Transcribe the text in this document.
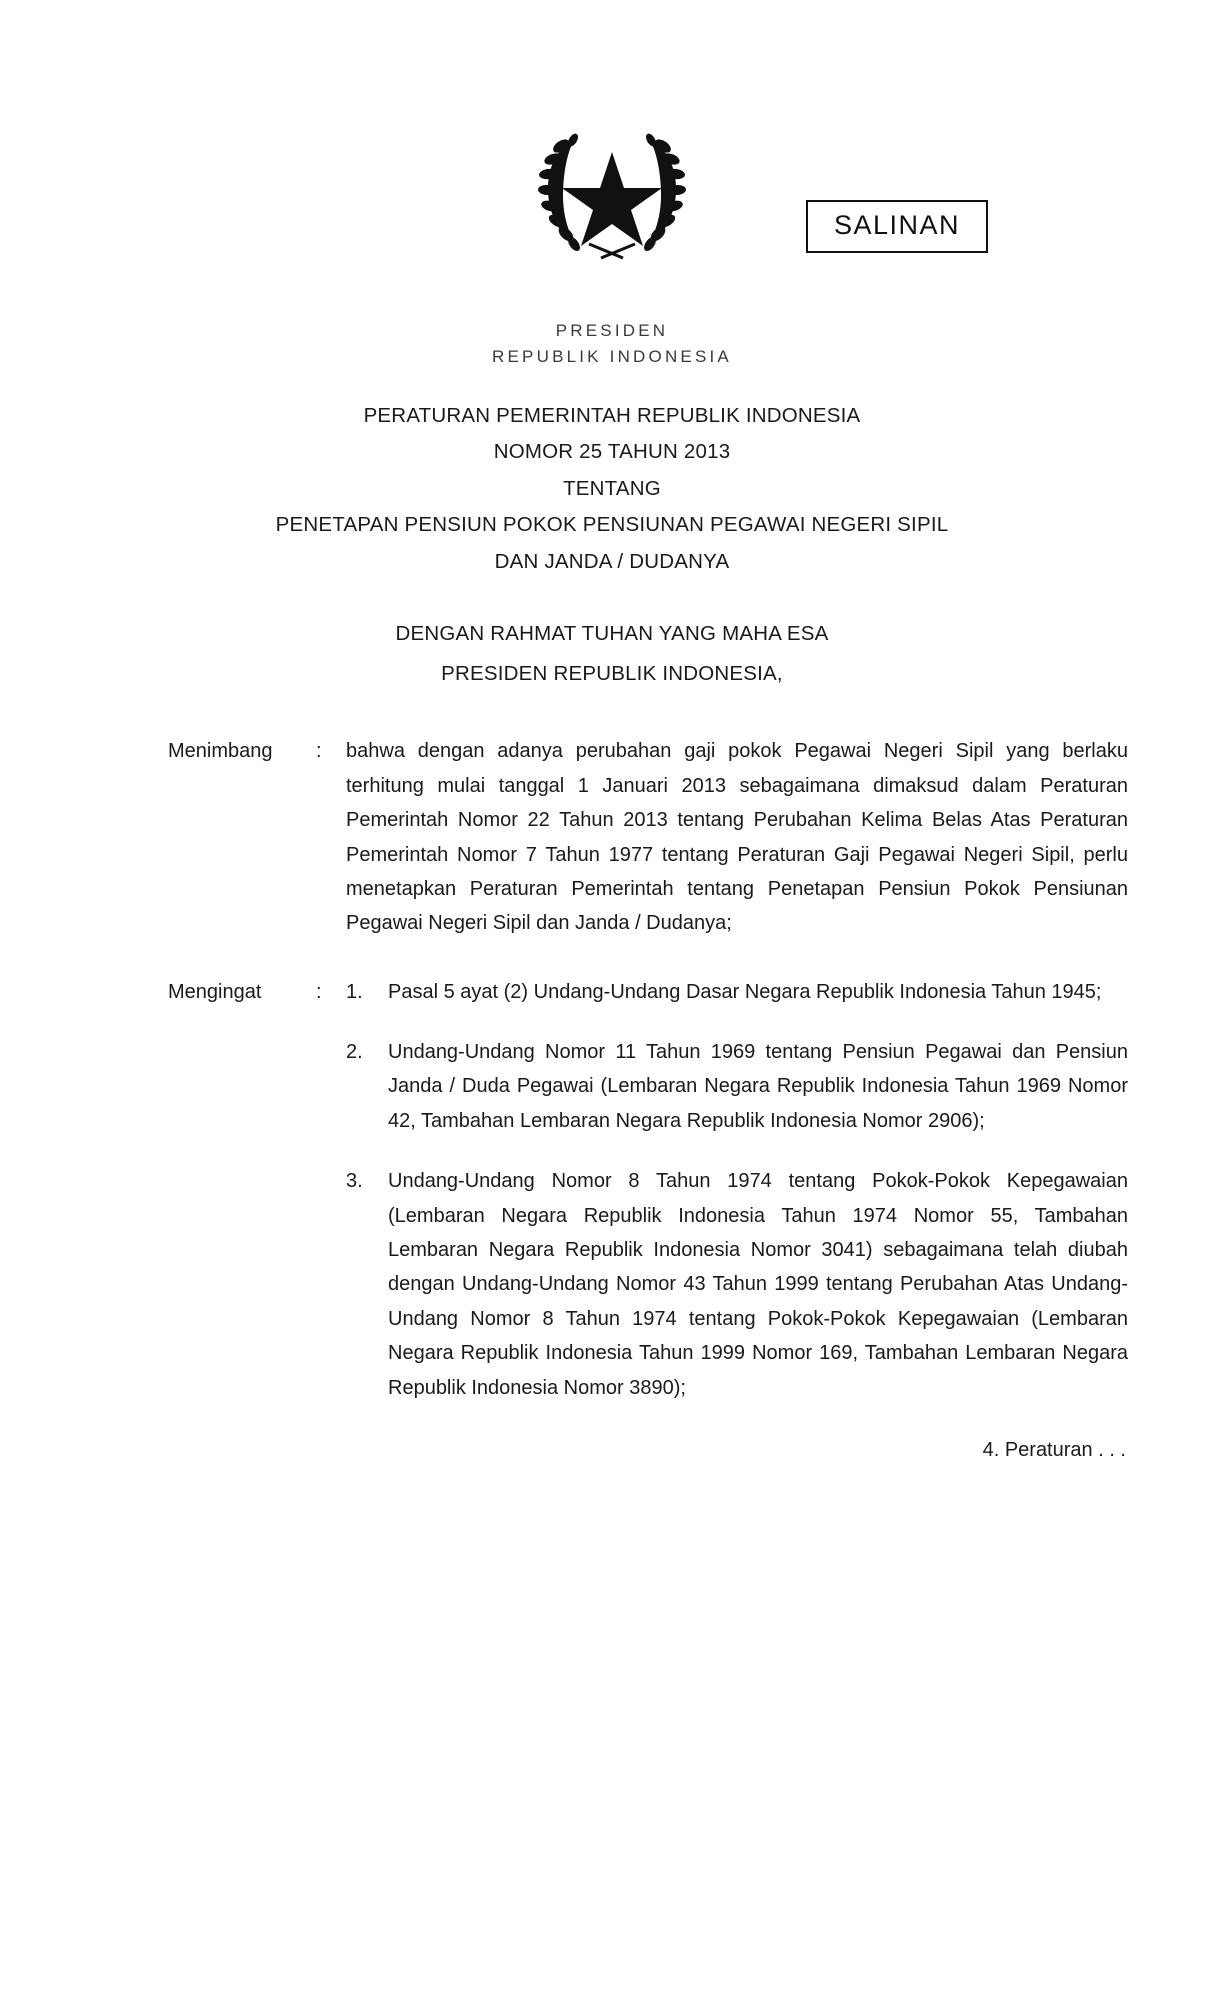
PRESIDEN
REPUBLIK INDONESIA
SALINAN
PERATURAN PEMERINTAH REPUBLIK INDONESIA
NOMOR 25 TAHUN 2013
TENTANG
PENETAPAN PENSIUN POKOK PENSIUNAN PEGAWAI NEGERI SIPIL
DAN JANDA / DUDANYA
DENGAN RAHMAT TUHAN YANG MAHA ESA
PRESIDEN REPUBLIK INDONESIA,
Menimbang	:	bahwa dengan adanya perubahan gaji pokok Pegawai Negeri Sipil yang berlaku terhitung mulai tanggal 1 Januari 2013 sebagaimana dimaksud dalam Peraturan Pemerintah Nomor 22 Tahun 2013 tentang Perubahan Kelima Belas Atas Peraturan Pemerintah Nomor 7 Tahun 1977 tentang Peraturan Gaji Pegawai Negeri Sipil, perlu menetapkan Peraturan Pemerintah tentang Penetapan Pensiun Pokok Pensiunan Pegawai Negeri Sipil dan Janda / Dudanya;

Mengingat	:	1.	Pasal 5 ayat (2) Undang-Undang Dasar Negara Republik Indonesia Tahun 1945;
2.	Undang-Undang Nomor 11 Tahun 1969 tentang Pensiun Pegawai dan Pensiun Janda / Duda Pegawai (Lembaran Negara Republik Indonesia Tahun 1969 Nomor 42, Tambahan Lembaran Negara Republik Indonesia Nomor 2906);
3.	Undang-Undang Nomor 8 Tahun 1974 tentang Pokok-Pokok Kepegawaian (Lembaran Negara Republik Indonesia Tahun 1974 Nomor 55, Tambahan Lembaran Negara Republik Indonesia Nomor 3041) sebagaimana telah diubah dengan Undang-Undang Nomor 43 Tahun 1999 tentang Perubahan Atas Undang-Undang Nomor 8 Tahun 1974 tentang Pokok-Pokok Kepegawaian (Lembaran Negara Republik Indonesia Tahun 1999 Nomor 169, Tambahan Lembaran Negara Republik Indonesia Nomor 3890);
4. Peraturan . . .
